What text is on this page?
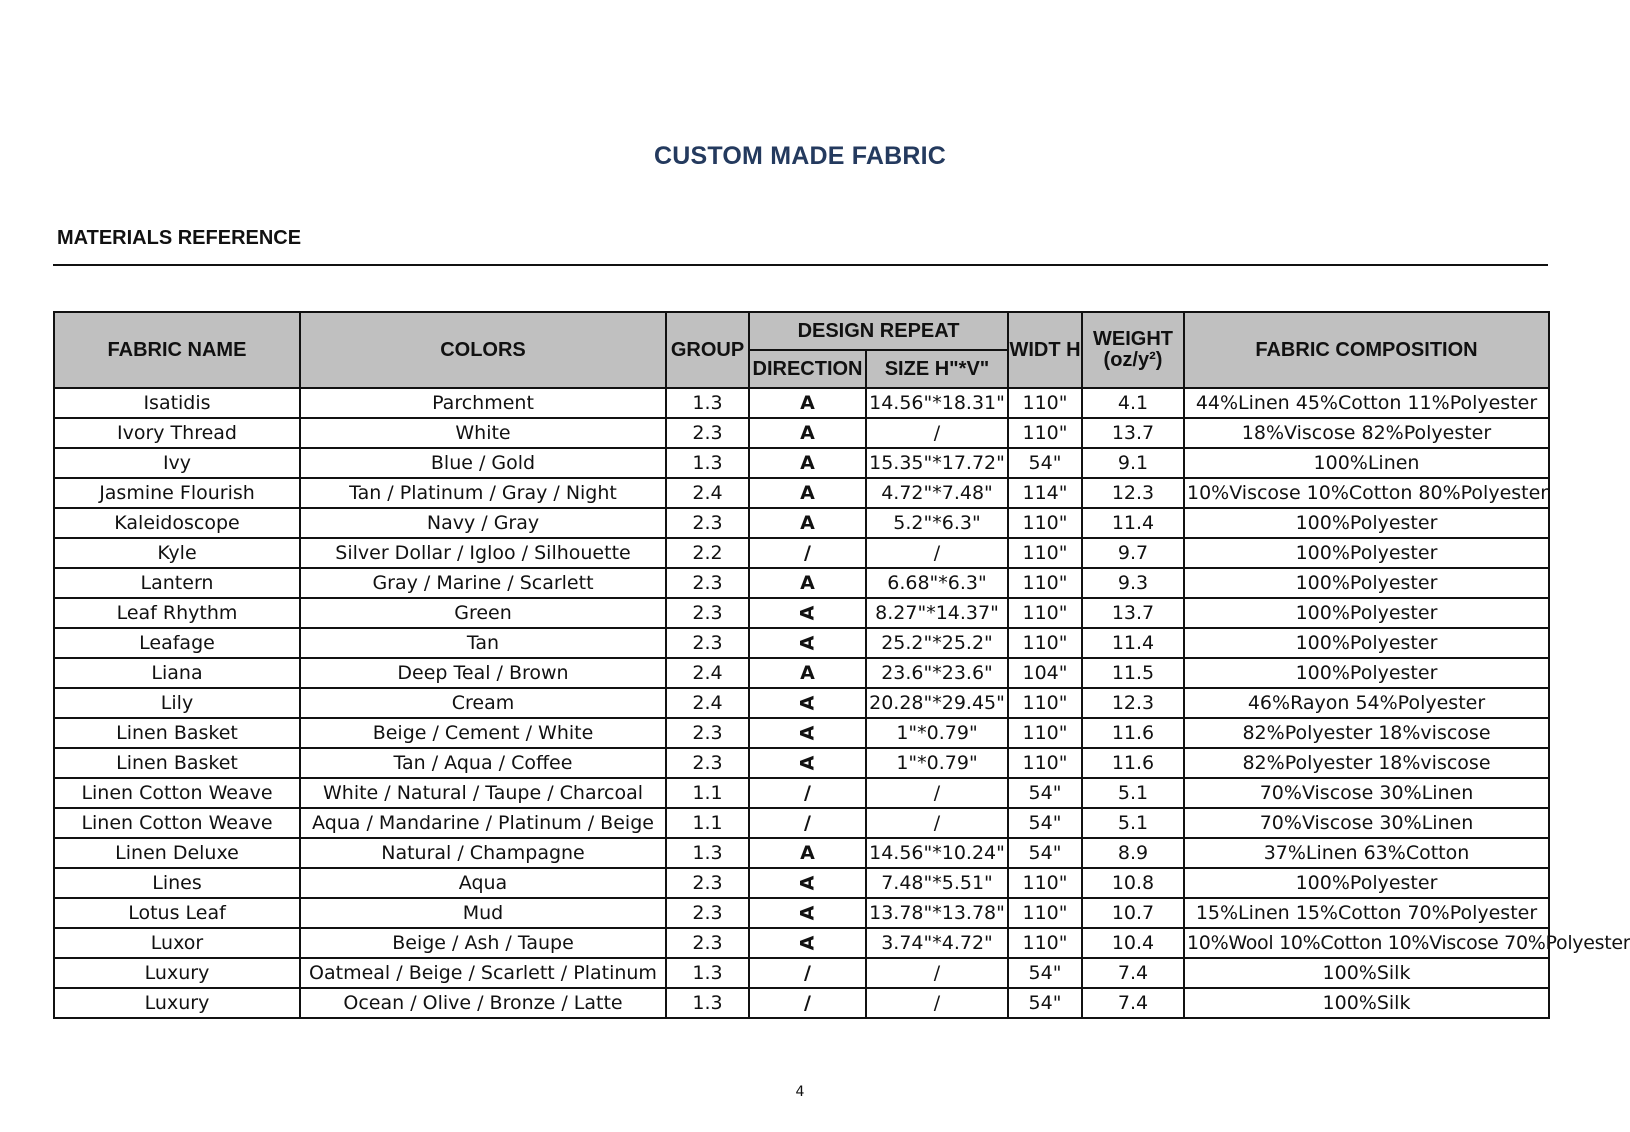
CUSTOM MADE FABRIC
MATERIALS REFERENCE
FABRIC NAME	COLORS	GROUP	DESIGN REPEAT		WIDT H	WEIGHT (oz/y²)	FABRIC COMPOSITION
			DIRECTION	SIZE H"*V"			
Isatidis	Parchment	1.3	A	14.56"*18.31"	110"	4.1	44%Linen 45%Cotton 11%Polyester
Ivory Thread	White	2.3	A	/	110"	13.7	18%Viscose 82%Polyester
Ivy	Blue / Gold	1.3	A	15.35"*17.72"	54"	9.1	100%Linen
Jasmine Flourish	Tan / Platinum / Gray / Night	2.4	A	4.72"*7.48"	114"	12.3	10%Viscose 10%Cotton 80%Polyester
Kaleidoscope	Navy / Gray	2.3	A	5.2"*6.3"	110"	11.4	100%Polyester
Kyle	Silver Dollar / Igloo / Silhouette	2.2	/	/	110"	9.7	100%Polyester
Lantern	Gray / Marine / Scarlett	2.3	A	6.68"*6.3"	110"	9.3	100%Polyester
Leaf Rhythm	Green	2.3	A	8.27"*14.37"	110"	13.7	100%Polyester
Leafage	Tan	2.3	A	25.2"*25.2"	110"	11.4	100%Polyester
Liana	Deep Teal / Brown	2.4	A	23.6"*23.6"	104"	11.5	100%Polyester
Lily	Cream	2.4	A	20.28"*29.45"	110"	12.3	46%Rayon 54%Polyester
Linen Basket	Beige / Cement / White	2.3	A	1"*0.79"	110"	11.6	82%Polyester 18%viscose
Linen Basket	Tan / Aqua / Coffee	2.3	A	1"*0.79"	110"	11.6	82%Polyester 18%viscose
Linen Cotton Weave	White / Natural / Taupe / Charcoal	1.1	/	/	54"	5.1	70%Viscose 30%Linen
Linen Cotton Weave	Aqua / Mandarine / Platinum / Beige	1.1	/	/	54"	5.1	70%Viscose 30%Linen
Linen Deluxe	Natural / Champagne	1.3	A	14.56"*10.24"	54"	8.9	37%Linen 63%Cotton
Lines	Aqua	2.3	A	7.48"*5.51"	110"	10.8	100%Polyester
Lotus Leaf	Mud	2.3	A	13.78"*13.78"	110"	10.7	15%Linen 15%Cotton 70%Polyester
Luxor	Beige / Ash / Taupe	2.3	A	3.74"*4.72"	110"	10.4	10%Wool 10%Cotton 10%Viscose 70%Polyester
Luxury	Oatmeal / Beige / Scarlett / Platinum	1.3	/	/	54"	7.4	100%Silk
Luxury	Ocean / Olive / Bronze / Latte	1.3	/	/	54"	7.4	100%Silk
4
